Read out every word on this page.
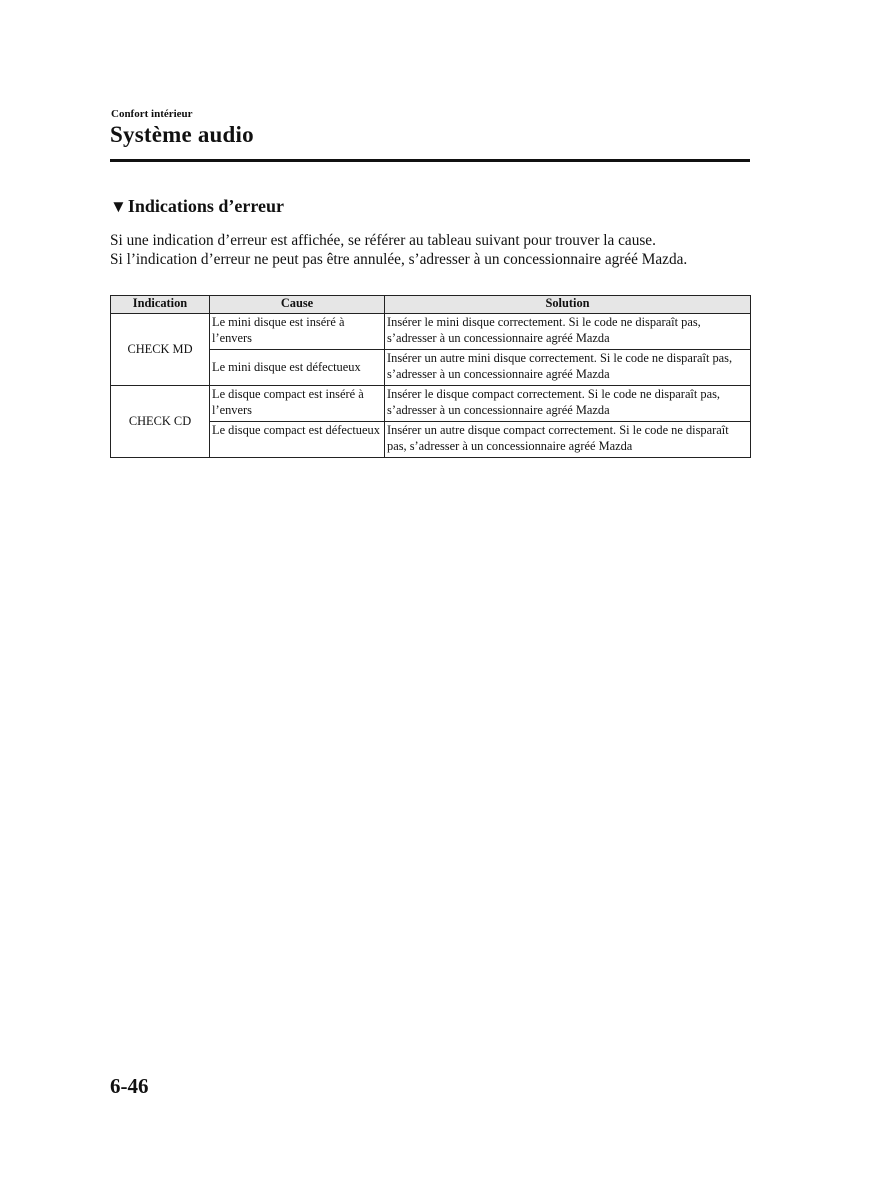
Confort intérieur
Système audio
▼Indications d’erreur

Si une indication d’erreur est affichée, se référer au tableau suivant pour trouver la cause.

Si l’indication d’erreur ne peut pas être annulée, s’adresser à un concessionnaire agréé Mazda.

Indication	Cause	Solution
CHECK MD	Le mini disque est inséré à l’envers	Insérer le mini disque correctement. Si le code ne disparaît pas, s’adresser à un concessionnaire agréé Mazda
	Le mini disque est défectueux	Insérer un autre mini disque correctement. Si le code ne disparaît pas, s’adresser à un concessionnaire agréé Mazda
CHECK CD	Le disque compact est inséré à l’envers	Insérer le disque compact correctement. Si le code ne disparaît pas, s’adresser à un concessionnaire agréé Mazda
	Le disque compact est défectueux	Insérer un autre disque compact correctement. Si le code ne disparaît pas, s’adresser à un concessionnaire agréé Mazda
6-46
